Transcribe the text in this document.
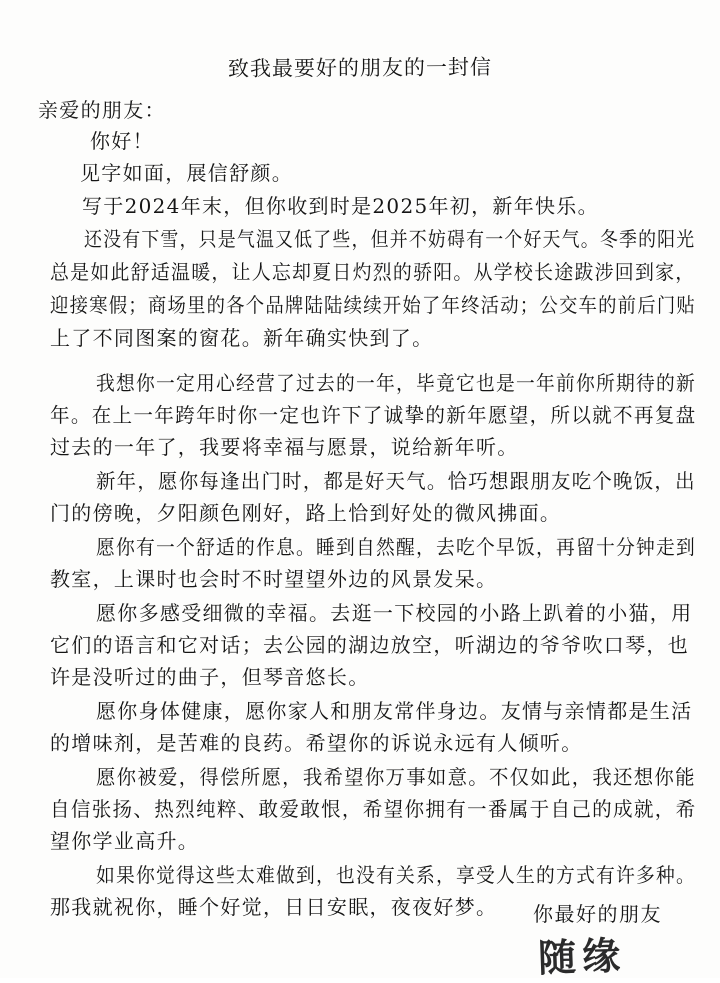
致我最要好的朋友的一封信
亲爱的朋友：
你好！
见字如面，展信舒颜。
写于2024年末，但你收到时是2025年初，新年快乐。
还没有下雪，只是气温又低了些，但并不妨碍有一个好天气。冬季的阳光
总是如此舒适温暖，让人忘却夏日灼烈的骄阳。从学校长途跋涉回到家，
迎接寒假；商场里的各个品牌陆陆续续开始了年终活动；公交车的前后门贴
上了不同图案的窗花。新年确实快到了。
我想你一定用心经营了过去的一年，毕竟它也是一年前你所期待的新
年。在上一年跨年时你一定也许下了诚挚的新年愿望，所以就不再复盘
过去的一年了，我要将幸福与愿景，说给新年听。
新年，愿你每逢出门时，都是好天气。恰巧想跟朋友吃个晚饭，出
门的傍晚，夕阳颜色刚好，路上恰到好处的微风拂面。
愿你有一个舒适的作息。睡到自然醒，去吃个早饭，再留十分钟走到
教室，上课时也会时不时望望外边的风景发呆。
愿你多感受细微的幸福。去逛一下校园的小路上趴着的小猫，用
它们的语言和它对话；去公园的湖边放空，听湖边的爷爷吹口琴，也
许是没听过的曲子，但琴音悠长。
愿你身体健康，愿你家人和朋友常伴身边。友情与亲情都是生活
的增味剂，是苦难的良药。希望你的诉说永远有人倾听。
愿你被爱，得偿所愿，我希望你万事如意。不仅如此，我还想你能
自信张扬、热烈纯粹、敢爱敢恨，希望你拥有一番属于自己的成就，希
望你学业高升。
如果你觉得这些太难做到，也没有关系，享受人生的方式有许多种。
那我就祝你，睡个好觉，日日安眠，夜夜好梦。 你最好的朋友
随缘
